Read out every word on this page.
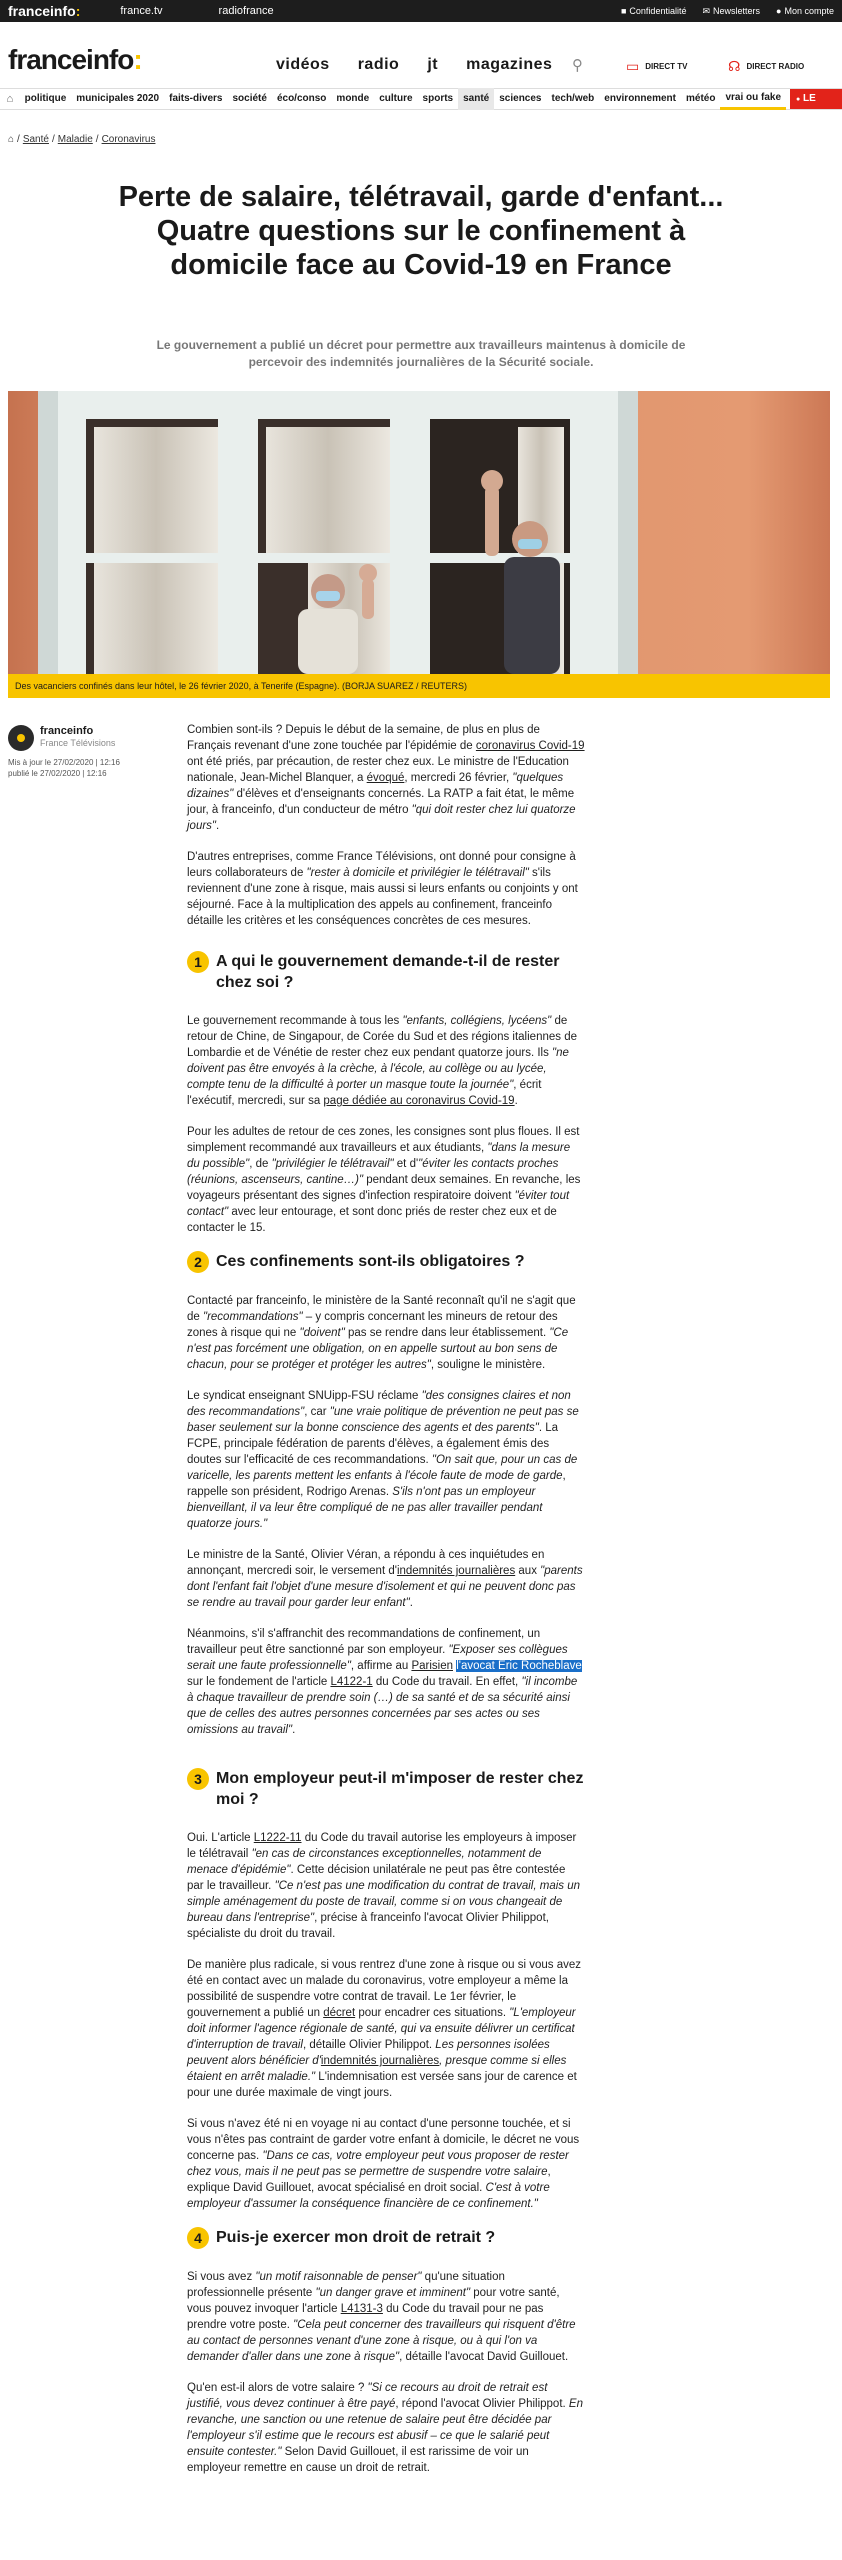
franceinfo:	france.tv	radiofrance	■ Confidentialité ✉ Newsletters ● Mon compte
franceinfo:	vidéos radio jt magazines ⚲	▭ DIRECT TV	☊ DIRECT RADIO
⌂	politique	municipales 2020	faits-divers	société	éco/conso	monde	culture	sports	santé	sciences	tech/web	environnement	météo	vrai ou fake	● LE LIVE
⌂ / Santé / Maladie / Coronavirus
Perte de salaire, télétravail, garde d'enfant... Quatre questions sur le confinement à domicile face au Covid-19 en France
Le gouvernement a publié un décret pour permettre aux travailleurs maintenus à domicile de percevoir des indemnités journalières de la Sécurité sociale.
Des vacanciers confinés dans leur hôtel, le 26 février 2020, à Tenerife (Espagne). (BORJA SUAREZ / REUTERS)
franceinfo
France Télévisions
Mis à jour le 27/02/2020 | 12:16
publié le 27/02/2020 | 12:16

Combien sont-ils ? Depuis le début de la semaine, de plus en plus de Français revenant d'une zone touchée par l'épidémie de coronavirus Covid-19 ont été priés, par précaution, de rester chez eux. Le ministre de l'Education nationale, Jean-Michel Blanquer, a évoqué, mercredi 26 février, "quelques dizaines" d'élèves et d'enseignants concernés. La RATP a fait état, le même jour, à franceinfo, d'un conducteur de métro "qui doit rester chez lui quatorze jours".

D'autres entreprises, comme France Télévisions, ont donné pour consigne à leurs collaborateurs de "rester à domicile et privilégier le télétravail" s'ils reviennent d'une zone à risque, mais aussi si leurs enfants ou conjoints y ont séjourné. Face à la multiplication des appels au confinement, franceinfo détaille les critères et les conséquences concrètes de ces mesures.

1 A qui le gouvernement demande-t-il de rester chez soi ?

Le gouvernement recommande à tous les "enfants, collégiens, lycéens" de retour de Chine, de Singapour, de Corée du Sud et des régions italiennes de Lombardie et de Vénétie de rester chez eux pendant quatorze jours. Ils "ne doivent pas être envoyés à la crèche, à l'école, au collège ou au lycée, compte tenu de la difficulté à porter un masque toute la journée", écrit l'exécutif, mercredi, sur sa page dédiée au coronavirus Covid-19.

Pour les adultes de retour de ces zones, les consignes sont plus floues. Il est simplement recommandé aux travailleurs et aux étudiants, "dans la mesure du possible", de "privilégier le télétravail" et d'"éviter les contacts proches (réunions, ascenseurs, cantine…)" pendant deux semaines. En revanche, les voyageurs présentant des signes d'infection respiratoire doivent "éviter tout contact" avec leur entourage, et sont donc priés de rester chez eux et de contacter le 15.

2 Ces confinements sont-ils obligatoires ?

Contacté par franceinfo, le ministère de la Santé reconnaît qu'il ne s'agit que de "recommandations" – y compris concernant les mineurs de retour des zones à risque qui ne "doivent" pas se rendre dans leur établissement. "Ce n'est pas forcément une obligation, on en appelle surtout au bon sens de chacun, pour se protéger et protéger les autres", souligne le ministère.

Le syndicat enseignant SNUipp-FSU réclame "des consignes claires et non des recommandations", car "une vraie politique de prévention ne peut pas se baser seulement sur la bonne conscience des agents et des parents". La FCPE, principale fédération de parents d'élèves, a également émis des doutes sur l'efficacité de ces recommandations. "On sait que, pour un cas de varicelle, les parents mettent les enfants à l'école faute de mode de garde, rappelle son président, Rodrigo Arenas. S'ils n'ont pas un employeur bienveillant, il va leur être compliqué de ne pas aller travailler pendant quatorze jours."

Le ministre de la Santé, Olivier Véran, a répondu à ces inquiétudes en annonçant, mercredi soir, le versement d'indemnités journalières aux "parents dont l'enfant fait l'objet d'une mesure d'isolement et qui ne peuvent donc pas se rendre au travail pour garder leur enfant".

Néanmoins, s'il s'affranchit des recommandations de confinement, un travailleur peut être sanctionné par son employeur. "Exposer ses collègues serait une faute professionnelle", affirme au Parisien l'avocat Eric Rocheblave sur le fondement de l'article L4122-1 du Code du travail. En effet, "il incombe à chaque travailleur de prendre soin (…) de sa santé et de sa sécurité ainsi que de celles des autres personnes concernées par ses actes ou ses omissions au travail".

3 Mon employeur peut-il m'imposer de rester chez moi ?

Oui. L'article L1222-11 du Code du travail autorise les employeurs à imposer le télétravail "en cas de circonstances exceptionnelles, notamment de menace d'épidémie". Cette décision unilatérale ne peut pas être contestée par le travailleur. "Ce n'est pas une modification du contrat de travail, mais un simple aménagement du poste de travail, comme si on vous changeait de bureau dans l'entreprise", précise à franceinfo l'avocat Olivier Philippot, spécialiste du droit du travail.

De manière plus radicale, si vous rentrez d'une zone à risque ou si vous avez été en contact avec un malade du coronavirus, votre employeur a même la possibilité de suspendre votre contrat de travail. Le 1er février, le gouvernement a publié un décret pour encadrer ces situations. "L'employeur doit informer l'agence régionale de santé, qui va ensuite délivrer un certificat d'interruption de travail, détaille Olivier Philippot. Les personnes isolées peuvent alors bénéficier d'indemnités journalières, presque comme si elles étaient en arrêt maladie." L'indemnisation est versée sans jour de carence et pour une durée maximale de vingt jours.

Si vous n'avez été ni en voyage ni au contact d'une personne touchée, et si vous n'êtes pas contraint de garder votre enfant à domicile, le décret ne vous concerne pas. "Dans ce cas, votre employeur peut vous proposer de rester chez vous, mais il ne peut pas se permettre de suspendre votre salaire, explique David Guillouet, avocat spécialisé en droit social. C'est à votre employeur d'assumer la conséquence financière de ce confinement."

4 Puis-je exercer mon droit de retrait ?

Si vous avez "un motif raisonnable de penser" qu'une situation professionnelle présente "un danger grave et imminent" pour votre santé, vous pouvez invoquer l'article L4131-3 du Code du travail pour ne pas prendre votre poste. "Cela peut concerner des travailleurs qui risquent d'être au contact de personnes venant d'une zone à risque, ou à qui l'on va demander d'aller dans une zone à risque", détaille l'avocat David Guillouet.

Qu'en est-il alors de votre salaire ? "Si ce recours au droit de retrait est justifié, vous devez continuer à être payé, répond l'avocat Olivier Philippot. En revanche, une sanction ou une retenue de salaire peut être décidée par l'employeur s'il estime que le recours est abusif – ce que le salarié peut ensuite contester." Selon David Guillouet, il est rarissime de voir un employeur remettre en cause un droit de retrait.
